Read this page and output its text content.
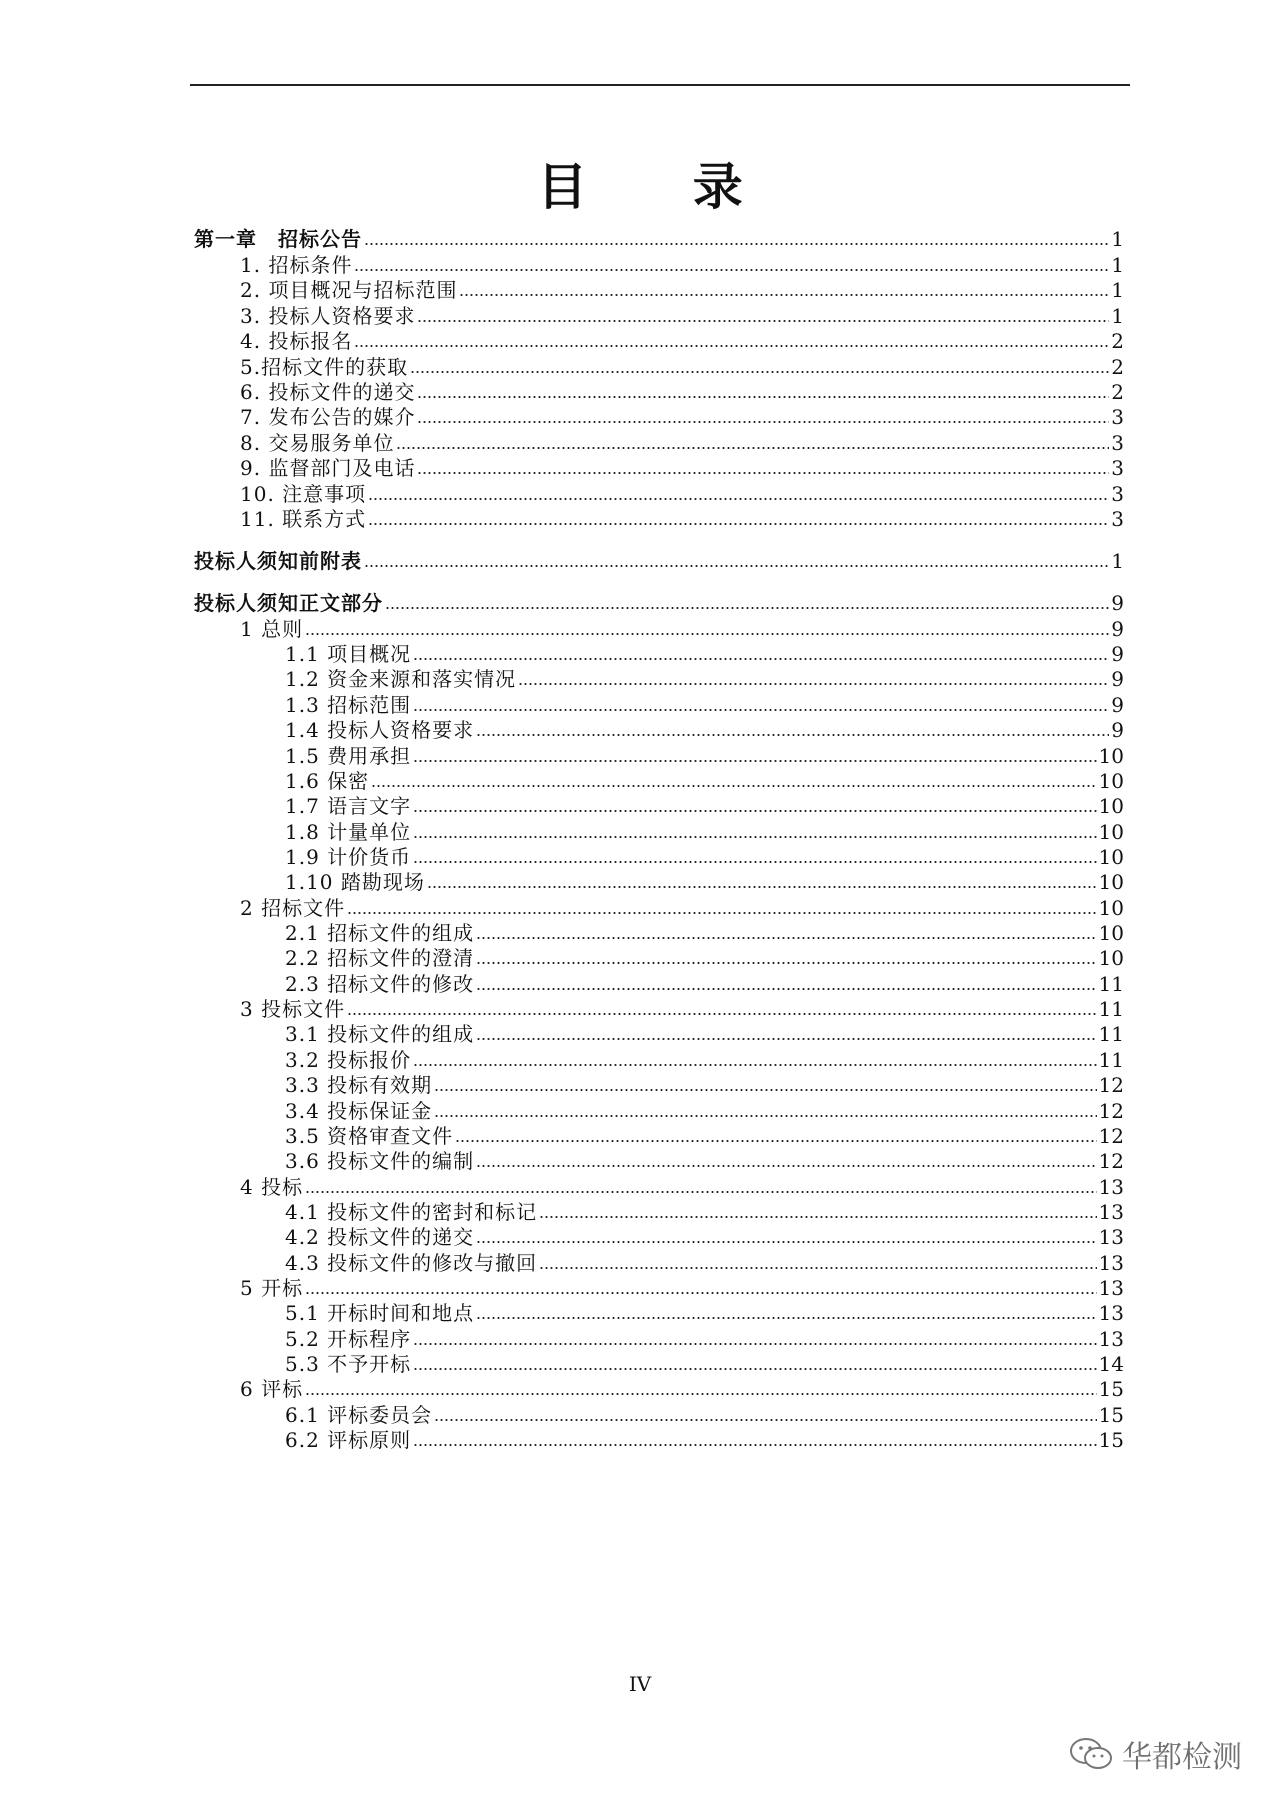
目 录
第一章　招标公告	1
1. 招标条件	1
2. 项目概况与招标范围	1
3. 投标人资格要求	1
4. 投标报名	2
5.招标文件的获取	2
6. 投标文件的递交	2
7. 发布公告的媒介	3
8. 交易服务单位	3
9. 监督部门及电话	3
10. 注意事项	3
11. 联系方式	3
投标人须知前附表	1
投标人须知正文部分	9
1 总则	9
1.1 项目概况	9
1.2 资金来源和落实情况	9
1.3 招标范围	9
1.4 投标人资格要求	9
1.5 费用承担	10
1.6 保密	10
1.7 语言文字	10
1.8 计量单位	10
1.9 计价货币	10
1.10 踏勘现场	10
2 招标文件	10
2.1 招标文件的组成	10
2.2 招标文件的澄清	10
2.3 招标文件的修改	11
3 投标文件	11
3.1 投标文件的组成	11
3.2 投标报价	11
3.3 投标有效期	12
3.4 投标保证金	12
3.5 资格审查文件	12
3.6 投标文件的编制	12
4 投标	13
4.1 投标文件的密封和标记	13
4.2 投标文件的递交	13
4.3 投标文件的修改与撤回	13
5 开标	13
5.1 开标时间和地点	13
5.2 开标程序	13
5.3 不予开标	14
6 评标	15
6.1 评标委员会	15
6.2 评标原则	15
IV
华都检测
